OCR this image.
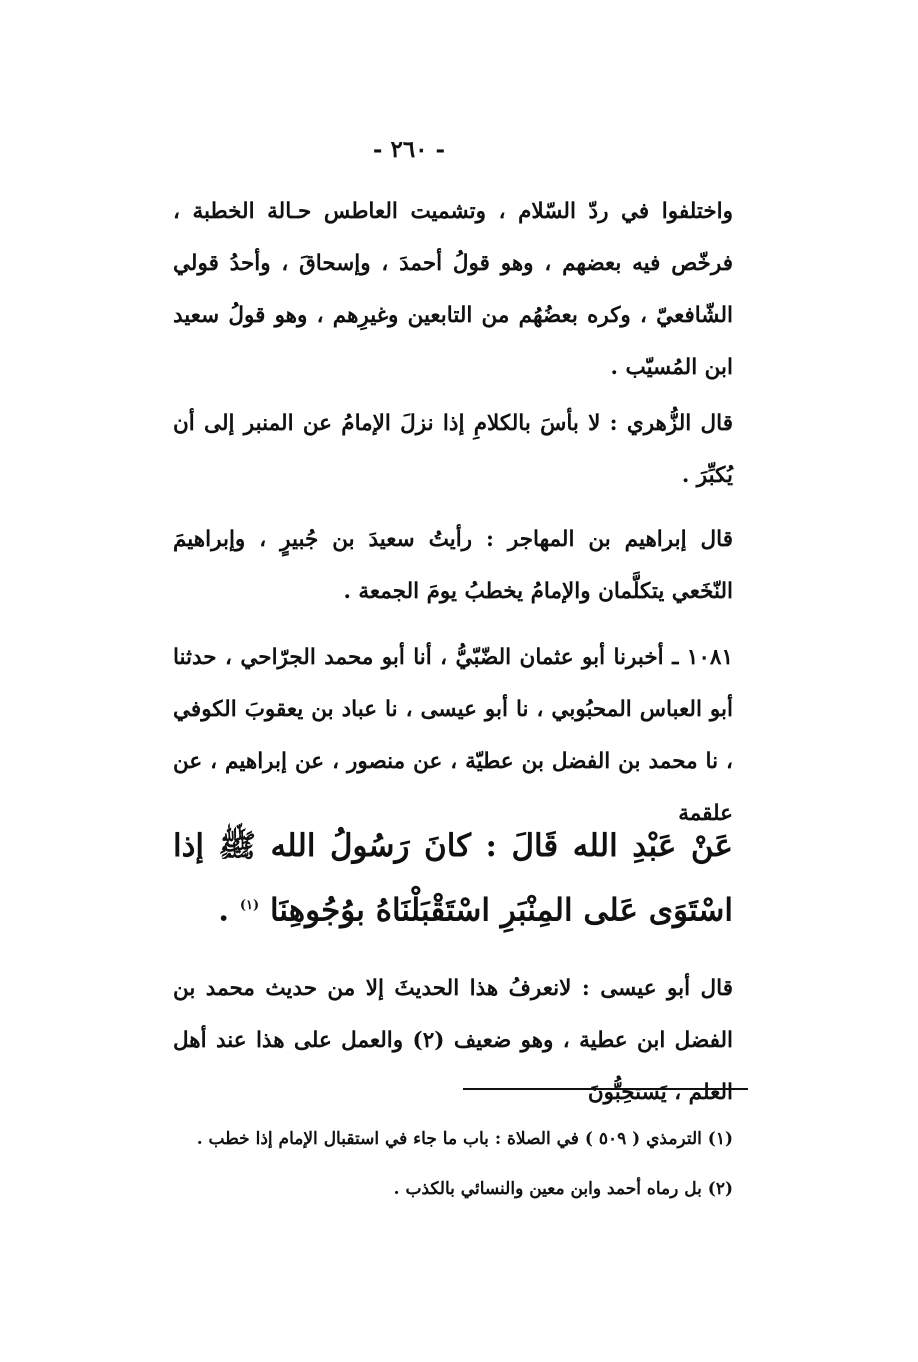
- ٢٦٠ -
واختلفوا في ردّ السّلام ، وتشميت العاطس حـالة الخطبة ، فرخّص فيه بعضهم ، وهو قولُ أحمدَ ، وإسحاقَ ، وأحدُ قولي الشّافعيّ ، وكره بعضُهُم من التابعين وغيرِهم ، وهو قولُ سعيد ابن المُسيّب .
قال الزُّهري : لا بأسَ بالكلامِ إذا نزلَ الإمامُ عن المنبر إلى أن يُكبِّرَ .
قال إبراهيم بن المهاجر : رأيتُ سعيدَ بن جُبيرٍ ، وإبراهيمَ النّخَعي يتكلَّمان والإمامُ يخطبُ يومَ الجمعة .
١٠٨١ ـ أخبرنا أبو عثمان الضّبّيُّ ، أنا أبو محمد الجرّاحي ، حدثنا أبو العباس المحبُوبي ، نا أبو عيسى ، نا عباد بن يعقوبَ الكوفي ، نا محمد بن الفضل بن عطيّة ، عن منصور ، عن إبراهيم ، عن علقمة
عَنْ عَبْدِ الله قَالَ : كانَ رَسُولُ الله ﷺ إذا اسْتَوَى عَلى المِنْبَرِ اسْتَقْبَلْنَاهُ بوُجُوهِنَا $^{(١)}$ .
قال أبو عيسى : لانعرفُ هذا الحديثَ إلا من حديث محمد بن الفضل ابن عطية ، وهو ضعيف (٢) والعمل على هذا عند أهل العلم ، يَستحِبُّونَ

(١) الترمذي ( ٥٠٩ ) في الصلاة : باب ما جاء في استقبال الإمام إذا خطب .

(٢) بل رماه أحمد وابن معين والنسائي بالكذب .
